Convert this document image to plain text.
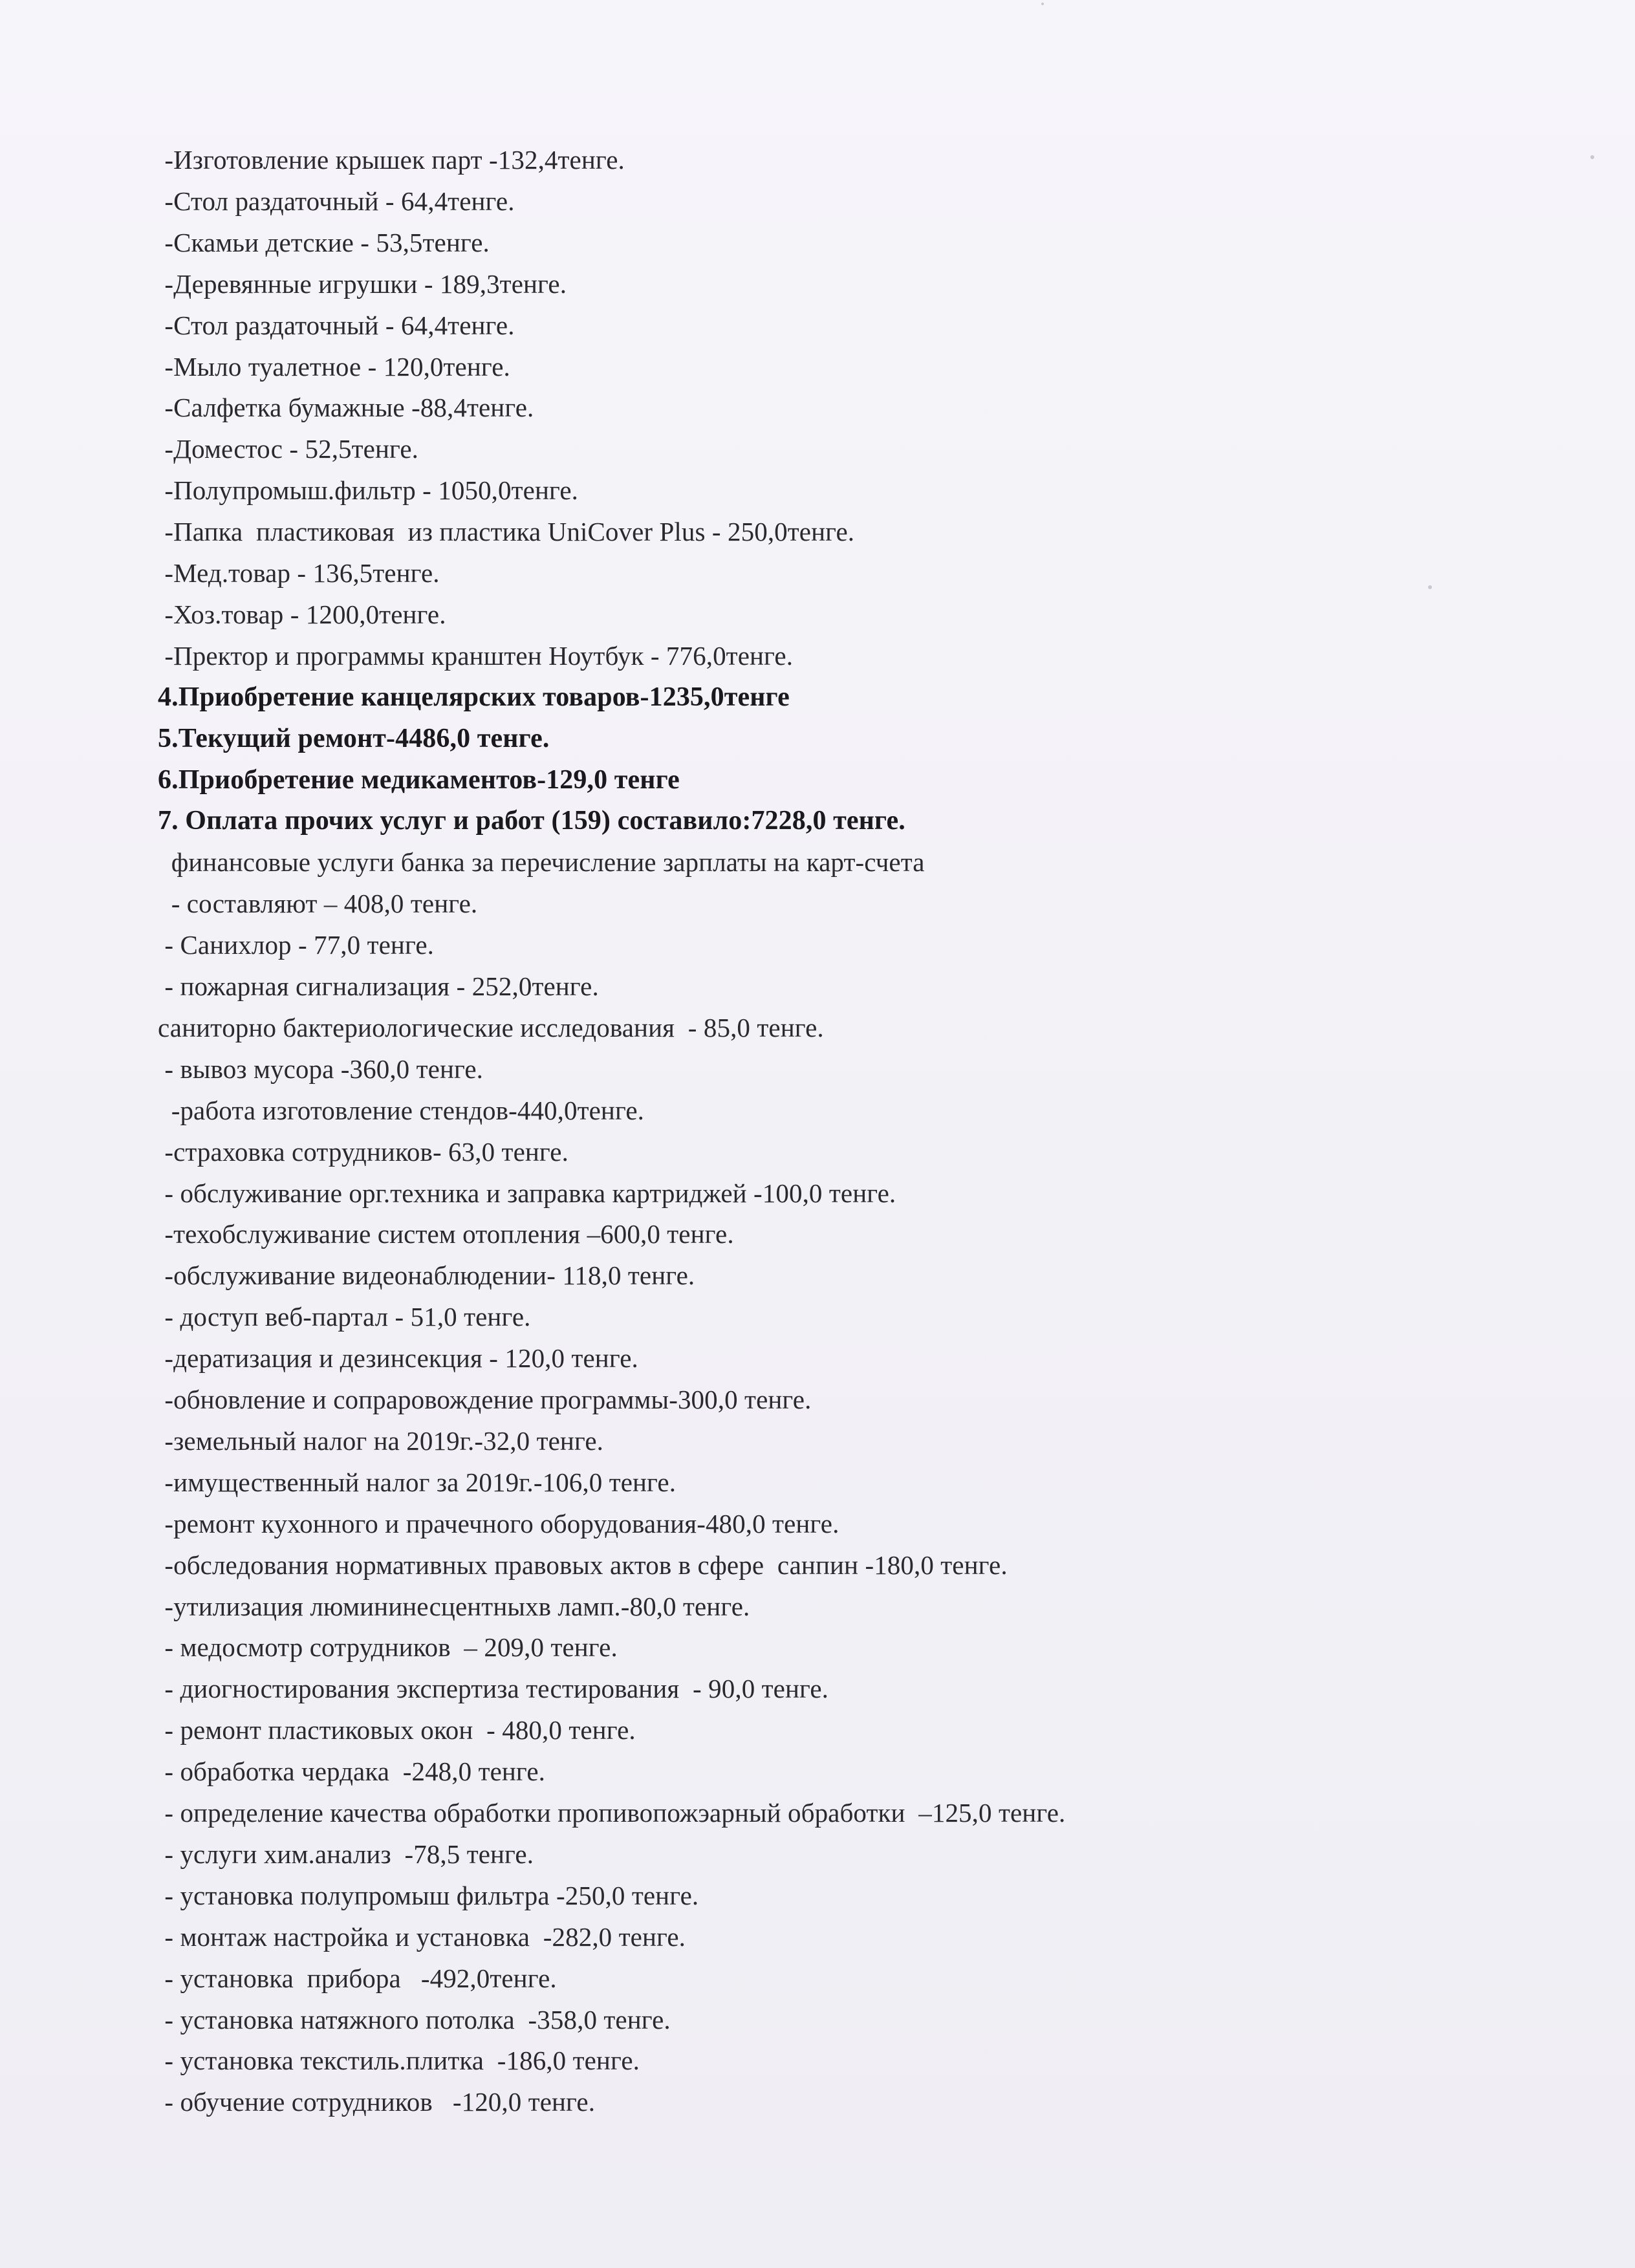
-Изготовление крышек парт -132,4тенге.
-Стол раздаточный - 64,4тенге.
-Скамьи детские - 53,5тенге.
-Деревянные игрушки - 189,3тенге.
-Стол раздаточный - 64,4тенге.
-Мыло туалетное - 120,0тенге.
-Салфетка бумажные -88,4тенге.
-Доместос - 52,5тенге.
-Полупромыш.фильтр - 1050,0тенге.
-Папка  пластиковая  из пластика UniCover Plus - 250,0тенге.
-Мед.товар - 136,5тенге.
-Хоз.товар - 1200,0тенге.
-Пректор и программы кранштен Ноутбук - 776,0тенге.
4.Приобретение канцелярских товаров-1235,0тенге
5.Текущий ремонт-4486,0 тенге.
6.Приобретение медикаментов-129,0 тенге
7. Оплата прочих услуг и работ (159) составило:7228,0 тенге.
финансовые услуги банка за перечисление зарплаты на карт-счета
- составляют – 408,0 тенге.
- Санихлор - 77,0 тенге.
- пожарная сигнализация - 252,0тенге.
санитoрно бактериологические исследования  - 85,0 тенге.
- вывоз мусора -360,0 тенге.
-работа изготовление стендов-440,0тенге.
-страховка сотрудников- 63,0 тенге.
- обслуживание орг.техника и заправка картриджей -100,0 тенге.
-техобслуживание систем отопления –600,0 тенге.
-обслуживание видеонаблюдении- 118,0 тенге.
- доступ веб-партал - 51,0 тенге.
-дератизация и дезинсекция - 120,0 тенге.
-обновление и сопраровождение программы-300,0 тенге.
-земельный налог на 2019г.-32,0 тенге.
-имущественный налог за 2019г.-106,0 тенге.
-ремонт кухонного и прачечного оборудования-480,0 тенге.
-обследования нормативных правовых актов в сфере  санпин -180,0 тенге.
-утилизация люмининесцентныхв ламп.-80,0 тенге.
- медосмотр сотрудников  – 209,0 тенге.
- диогностирования экспертиза тестирования  - 90,0 тенге.
- ремонт пластиковых окон  - 480,0 тенге.
- обработка чердака  -248,0 тенге.
- определение качества обработки пропивопожэарный обработки  –125,0 тенге.
- услуги хим.анализ  -78,5 тенге.
- установка полупромыш фильтра -250,0 тенге.
- монтаж настройка и установка  -282,0 тенге.
- установка  прибора   -492,0тенге.
- установка натяжного потолка  -358,0 тенге.
- установка текстиль.плитка  -186,0 тенге.
- обучение сотрудников   -120,0 тенге.
